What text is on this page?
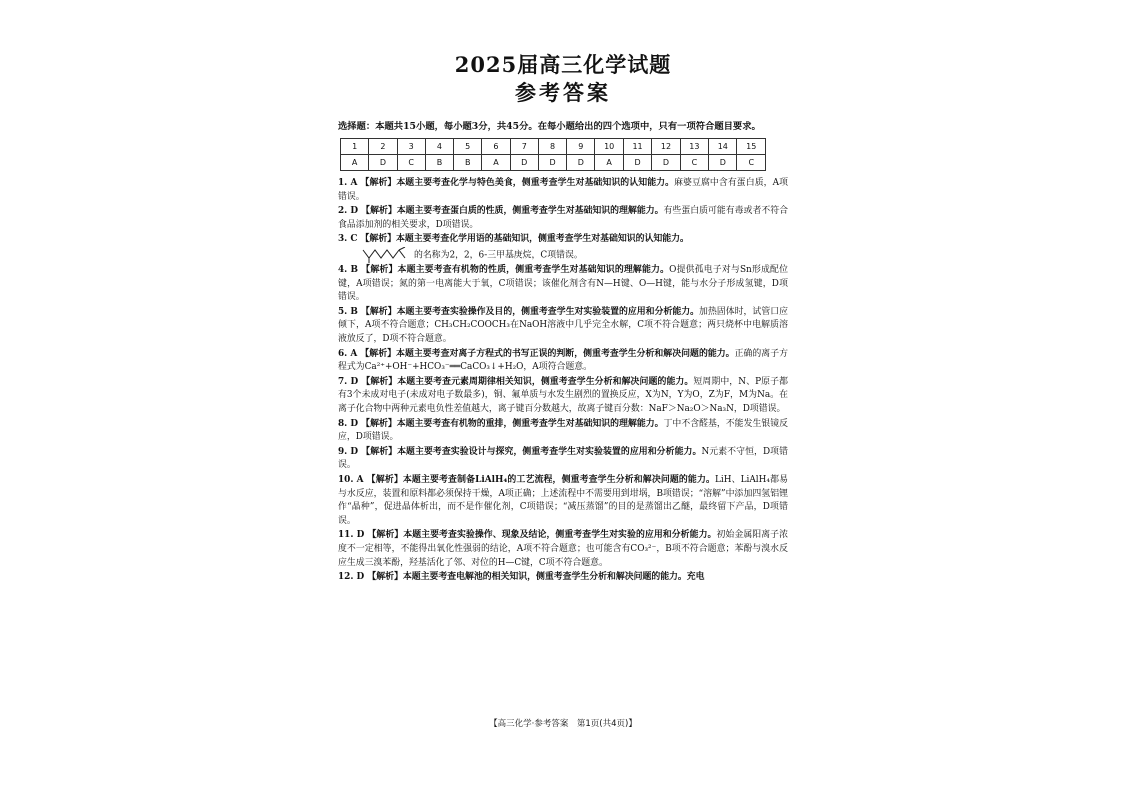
2025届高三化学试题
参考答案

选择题：本题共15小题，每小题3分，共45分。在每小题给出的四个选项中，只有一项符合题目要求。

1	2	3	4	5	6	7	8	9	10	11	12	13	14	15
A	D	C	B	B	A	D	D	D	A	D	D	C	D	C

1. A 【解析】本题主要考查化学与特色美食，侧重考查学生对基础知识的认知能力。麻婆豆腐中含有蛋白质，A项错误。

2. D 【解析】本题主要考查蛋白质的性质，侧重考查学生对基础知识的理解能力。有些蛋白质可能有毒或者不符合食品添加剂的相关要求，D项错误。

3. C 【解析】本题主要考查化学用语的基础知识，侧重考查学生对基础知识的认知能力。
的名称为2，2，6-三甲基庚烷，C项错误。

4. B 【解析】本题主要考查有机物的性质，侧重考查学生对基础知识的理解能力。O提供孤电子对与Sn形成配位键，A项错误；氮的第一电离能大于氧，C项错误；该催化剂含有N—H键、O—H键，能与水分子形成氢键，D项错误。

5. B 【解析】本题主要考查实验操作及目的，侧重考查学生对实验装置的应用和分析能力。加热固体时，试管口应倾下，A项不符合题意；CH₃CH₂COOCH₃在NaOH溶液中几乎完全水解，C项不符合题意；两只烧杯中电解质溶液放反了，D项不符合题意。

6. A 【解析】本题主要考查对离子方程式的书写正误的判断，侧重考查学生分析和解决问题的能力。正确的离子方程式为Ca²⁺+OH⁻+HCO₃⁻══CaCO₃↓+H₂O，A项符合题意。

7. D 【解析】本题主要考查元素周期律相关知识，侧重考查学生分析和解决问题的能力。短周期中，N、P原子都有3个未成对电子(未成对电子数最多)，铜、氟单质与水发生剧烈的置换反应，X为N，Y为O，Z为F，M为Na。在离子化合物中两种元素电负性差值越大，离子键百分数越大，故离子键百分数：NaF＞Na₂O＞Na₃N，D项错误。

8. D 【解析】本题主要考查有机物的重排，侧重考查学生对基础知识的理解能力。丁中不含醛基，不能发生银镜反应，D项错误。

9. D 【解析】本题主要考查实验设计与探究，侧重考查学生对实验装置的应用和分析能力。N元素不守恒，D项错误。

10. A 【解析】本题主要考查制备LiAlH₄的工艺流程，侧重考查学生分析和解决问题的能力。LiH、LiAlH₄都易与水反应，装置和原料都必须保持干燥，A项正确；上述流程中不需要用到坩埚，B项错误；“溶解”中添加四氢铝锂作“晶种”，促进晶体析出，而不是作催化剂，C项错误；“减压蒸馏”的目的是蒸馏出乙醚，最终留下产品，D项错误。

11. D 【解析】本题主要考查实验操作、现象及结论，侧重考查学生对实验的应用和分析能力。初始金属阳离子浓度不一定相等，不能得出氧化性强弱的结论，A项不符合题意；也可能含有CO₃²⁻，B项不符合题意；苯酚与溴水反应生成三溴苯酚，羟基活化了邻、对位的H—C键，C项不符合题意。

12. D 【解析】本题主要考查电解池的相关知识，侧重考查学生分析和解决问题的能力。充电

【高三化学·参考答案　第1页(共4页)】
